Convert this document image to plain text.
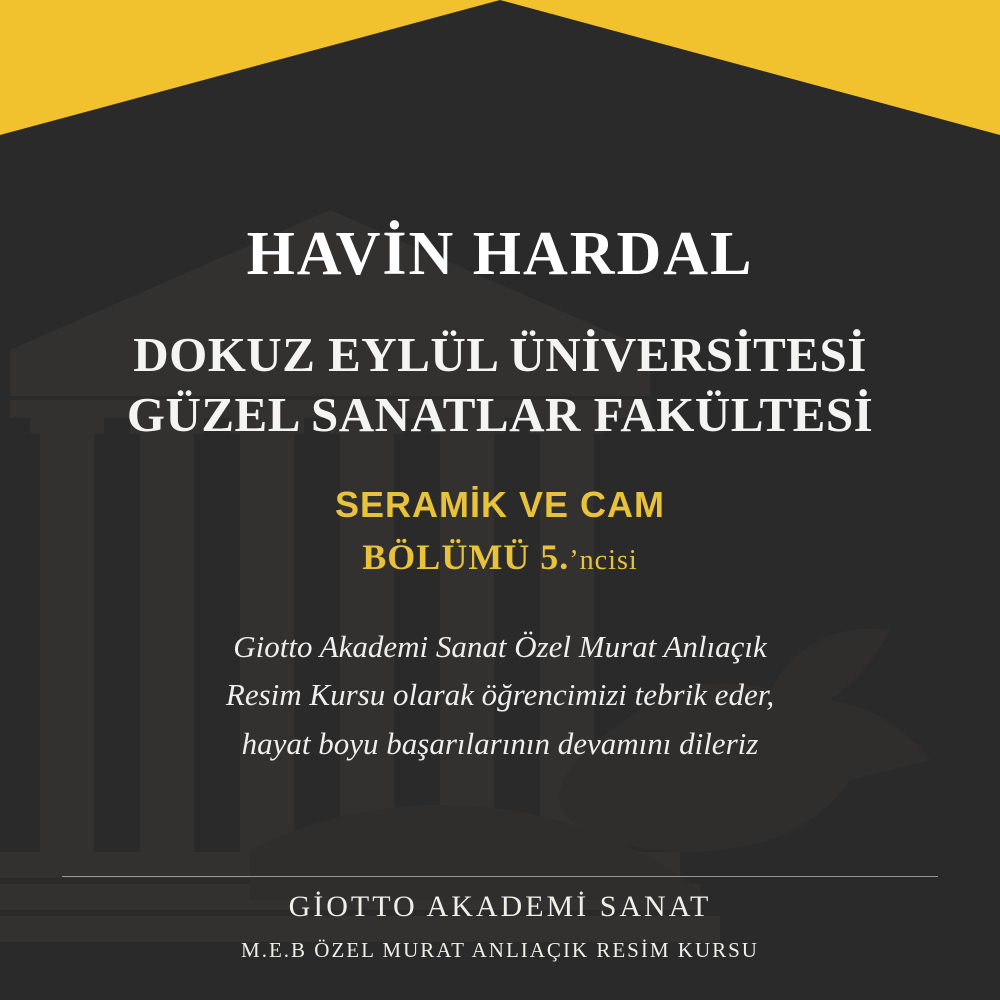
HAVİN HARDAL
DOKUZ EYLÜL ÜNİVERSİTESİ
GÜZEL SANATLAR FAKÜLTESİ
SERAMİK VE CAM
BÖLÜMÜ 5.’ncisi
Giotto Akademi Sanat Özel Murat Anlıaçık
Resim Kursu olarak öğrencimizi tebrik eder,
hayat boyu başarılarının devamını dileriz
GİOTTO AKADEMİ SANAT
M.E.B ÖZEL MURAT ANLIAÇIK RESİM KURSU
